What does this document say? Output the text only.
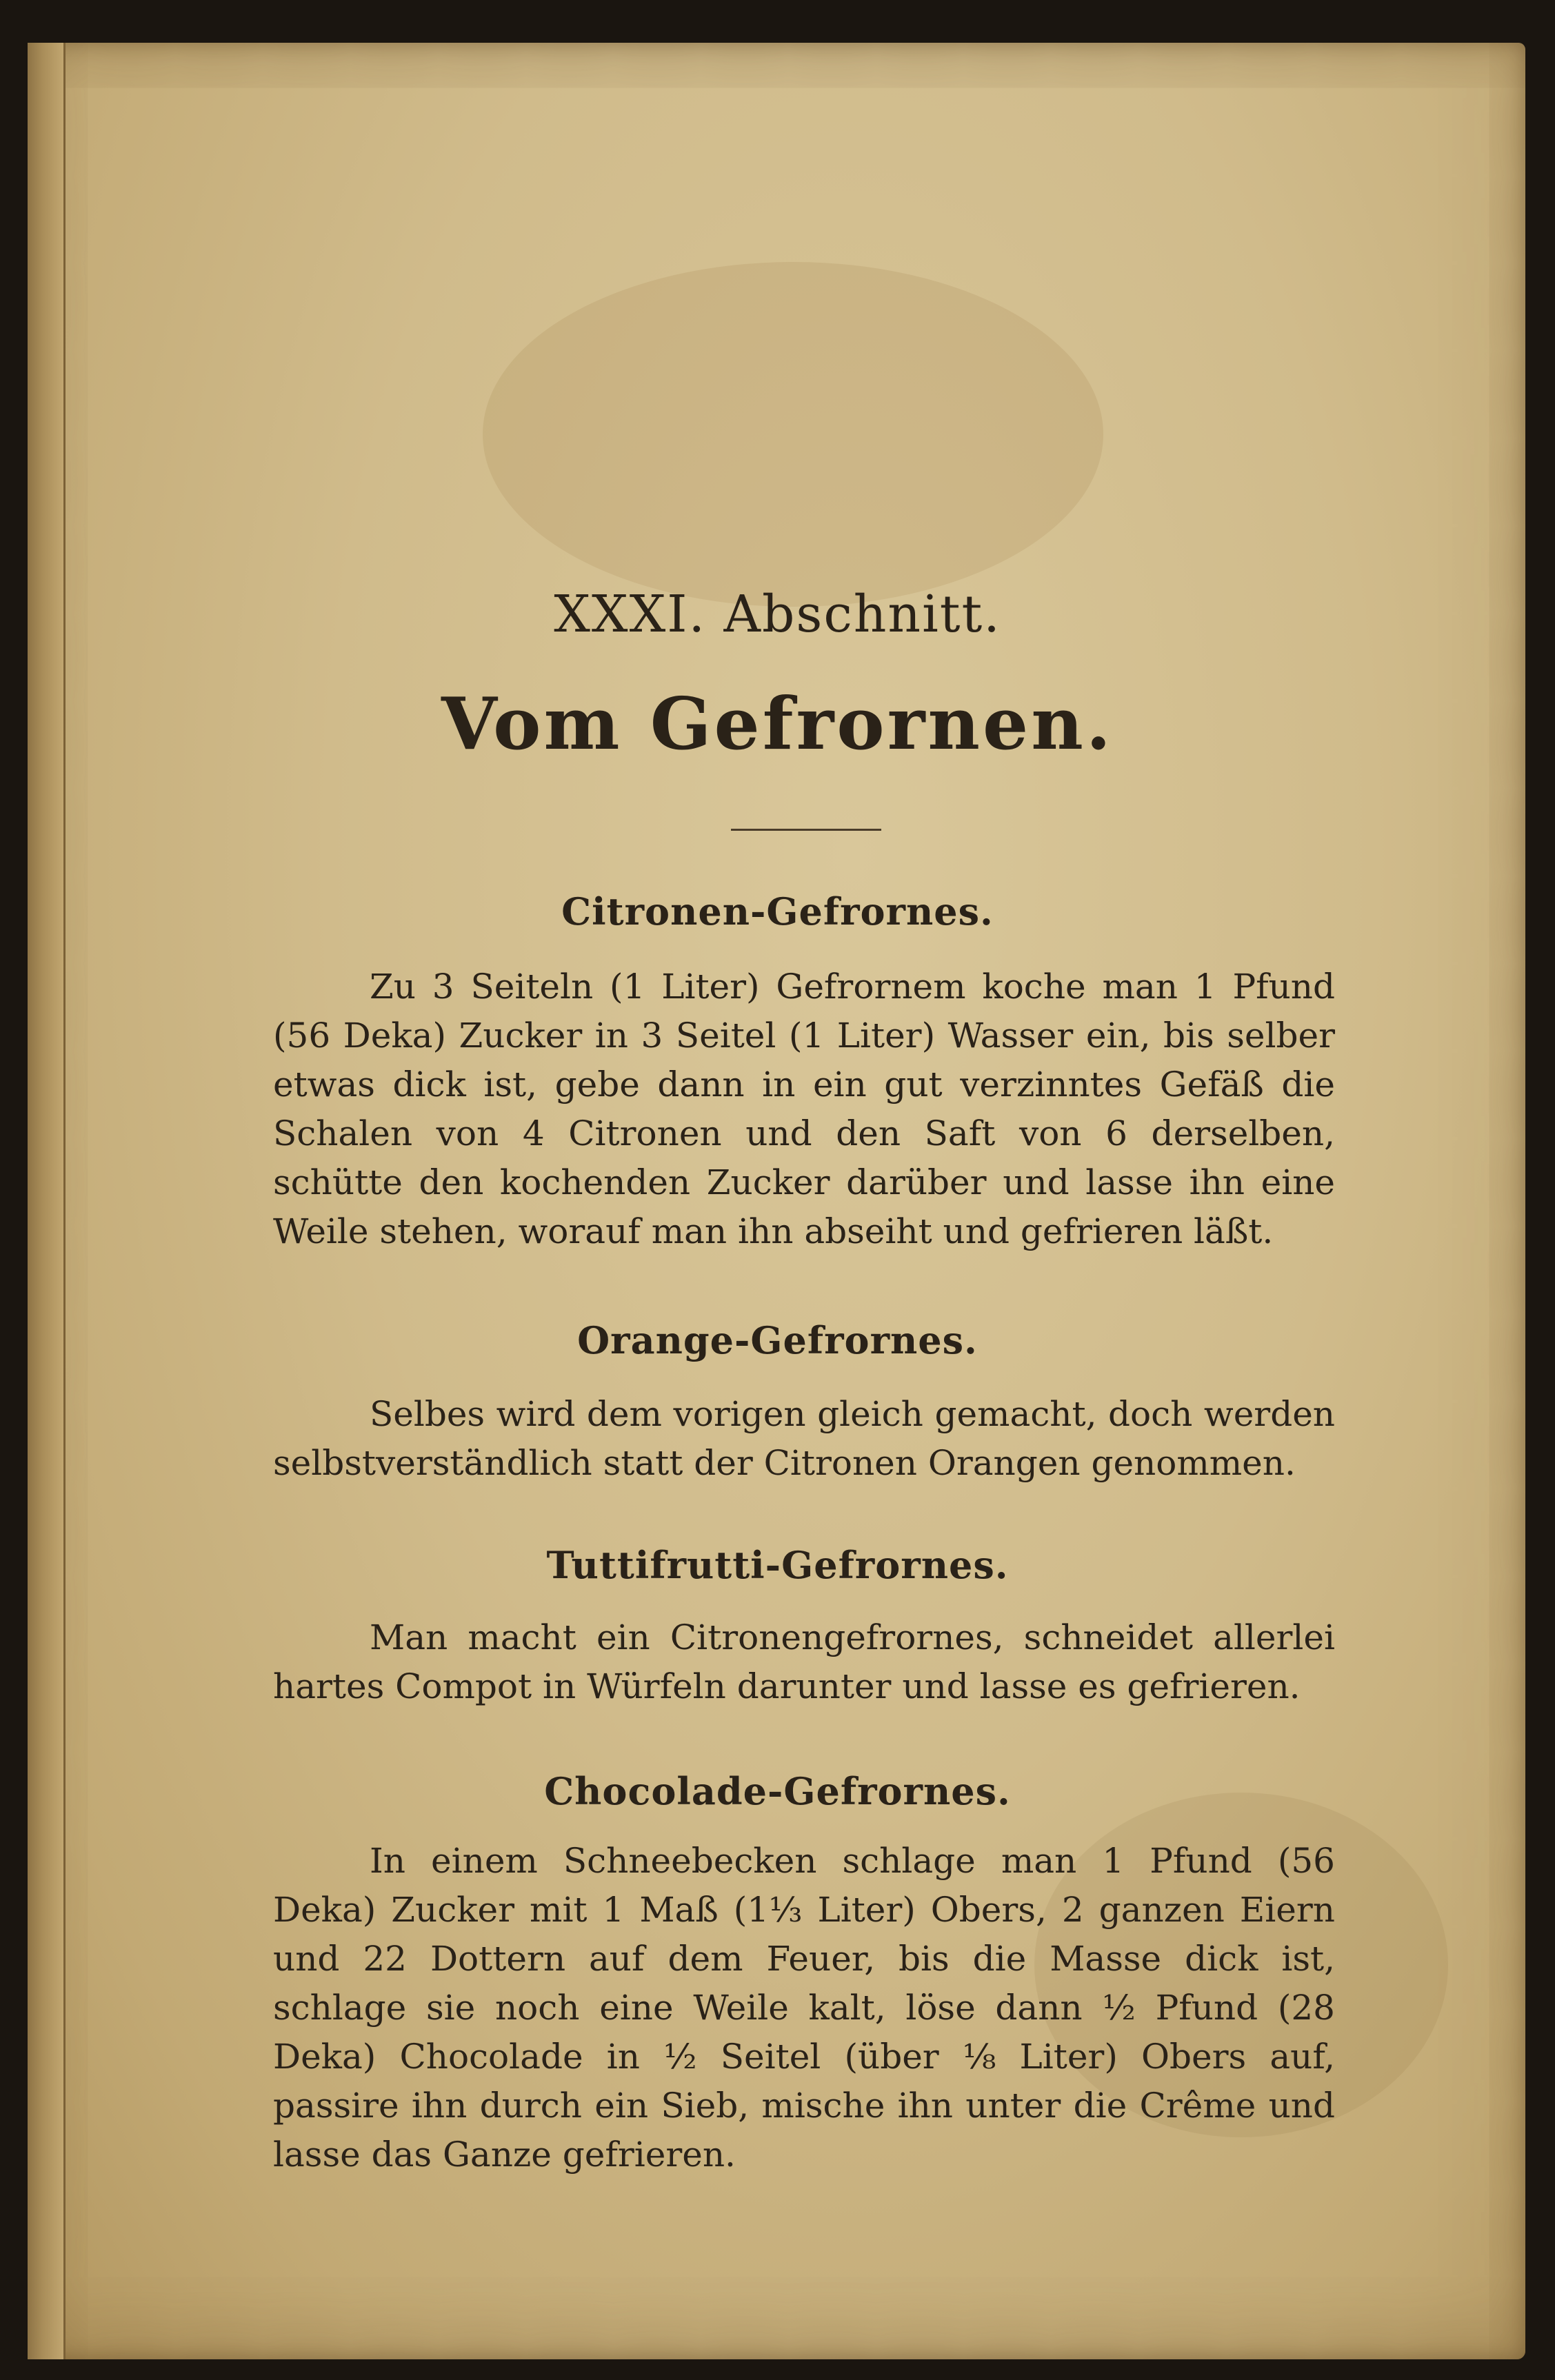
XXXI. Abschnitt.

Vom Gefrornen.

Citronen-Gefrornes.

Zu 3 Seiteln (1 Liter) Gefrornem koche man 1 Pfund (56 Deka) Zucker in 3 Seitel (1 Liter) Wasser ein, bis selber etwas dick ist, gebe dann in ein gut verzinntes Gefäß die Schalen von 4 Citronen und den Saft von 6 derselben, schütte den kochenden Zucker darüber und lasse ihn eine Weile stehen, worauf man ihn abseiht und gefrieren läßt.

Orange-Gefrornes.

Selbes wird dem vorigen gleich gemacht, doch werden selbstverständlich statt der Citronen Orangen genommen.

Tuttifrutti-Gefrornes.

Man macht ein Citronengefrornes, schneidet allerlei hartes Compot in Würfeln darunter und lasse es gefrieren.

Chocolade-Gefrornes.

In einem Schneebecken schlage man 1 Pfund (56 Deka) Zucker mit 1 Maß (1⅓ Liter) Obers, 2 ganzen Eiern und 22 Dottern auf dem Feuer, bis die Masse dick ist, schlage sie noch eine Weile kalt, löse dann ½ Pfund (28 Deka) Chocolade in ½ Seitel (über ⅛ Liter) Obers auf, passire ihn durch ein Sieb, mische ihn unter die Crême und lasse das Ganze gefrieren.
